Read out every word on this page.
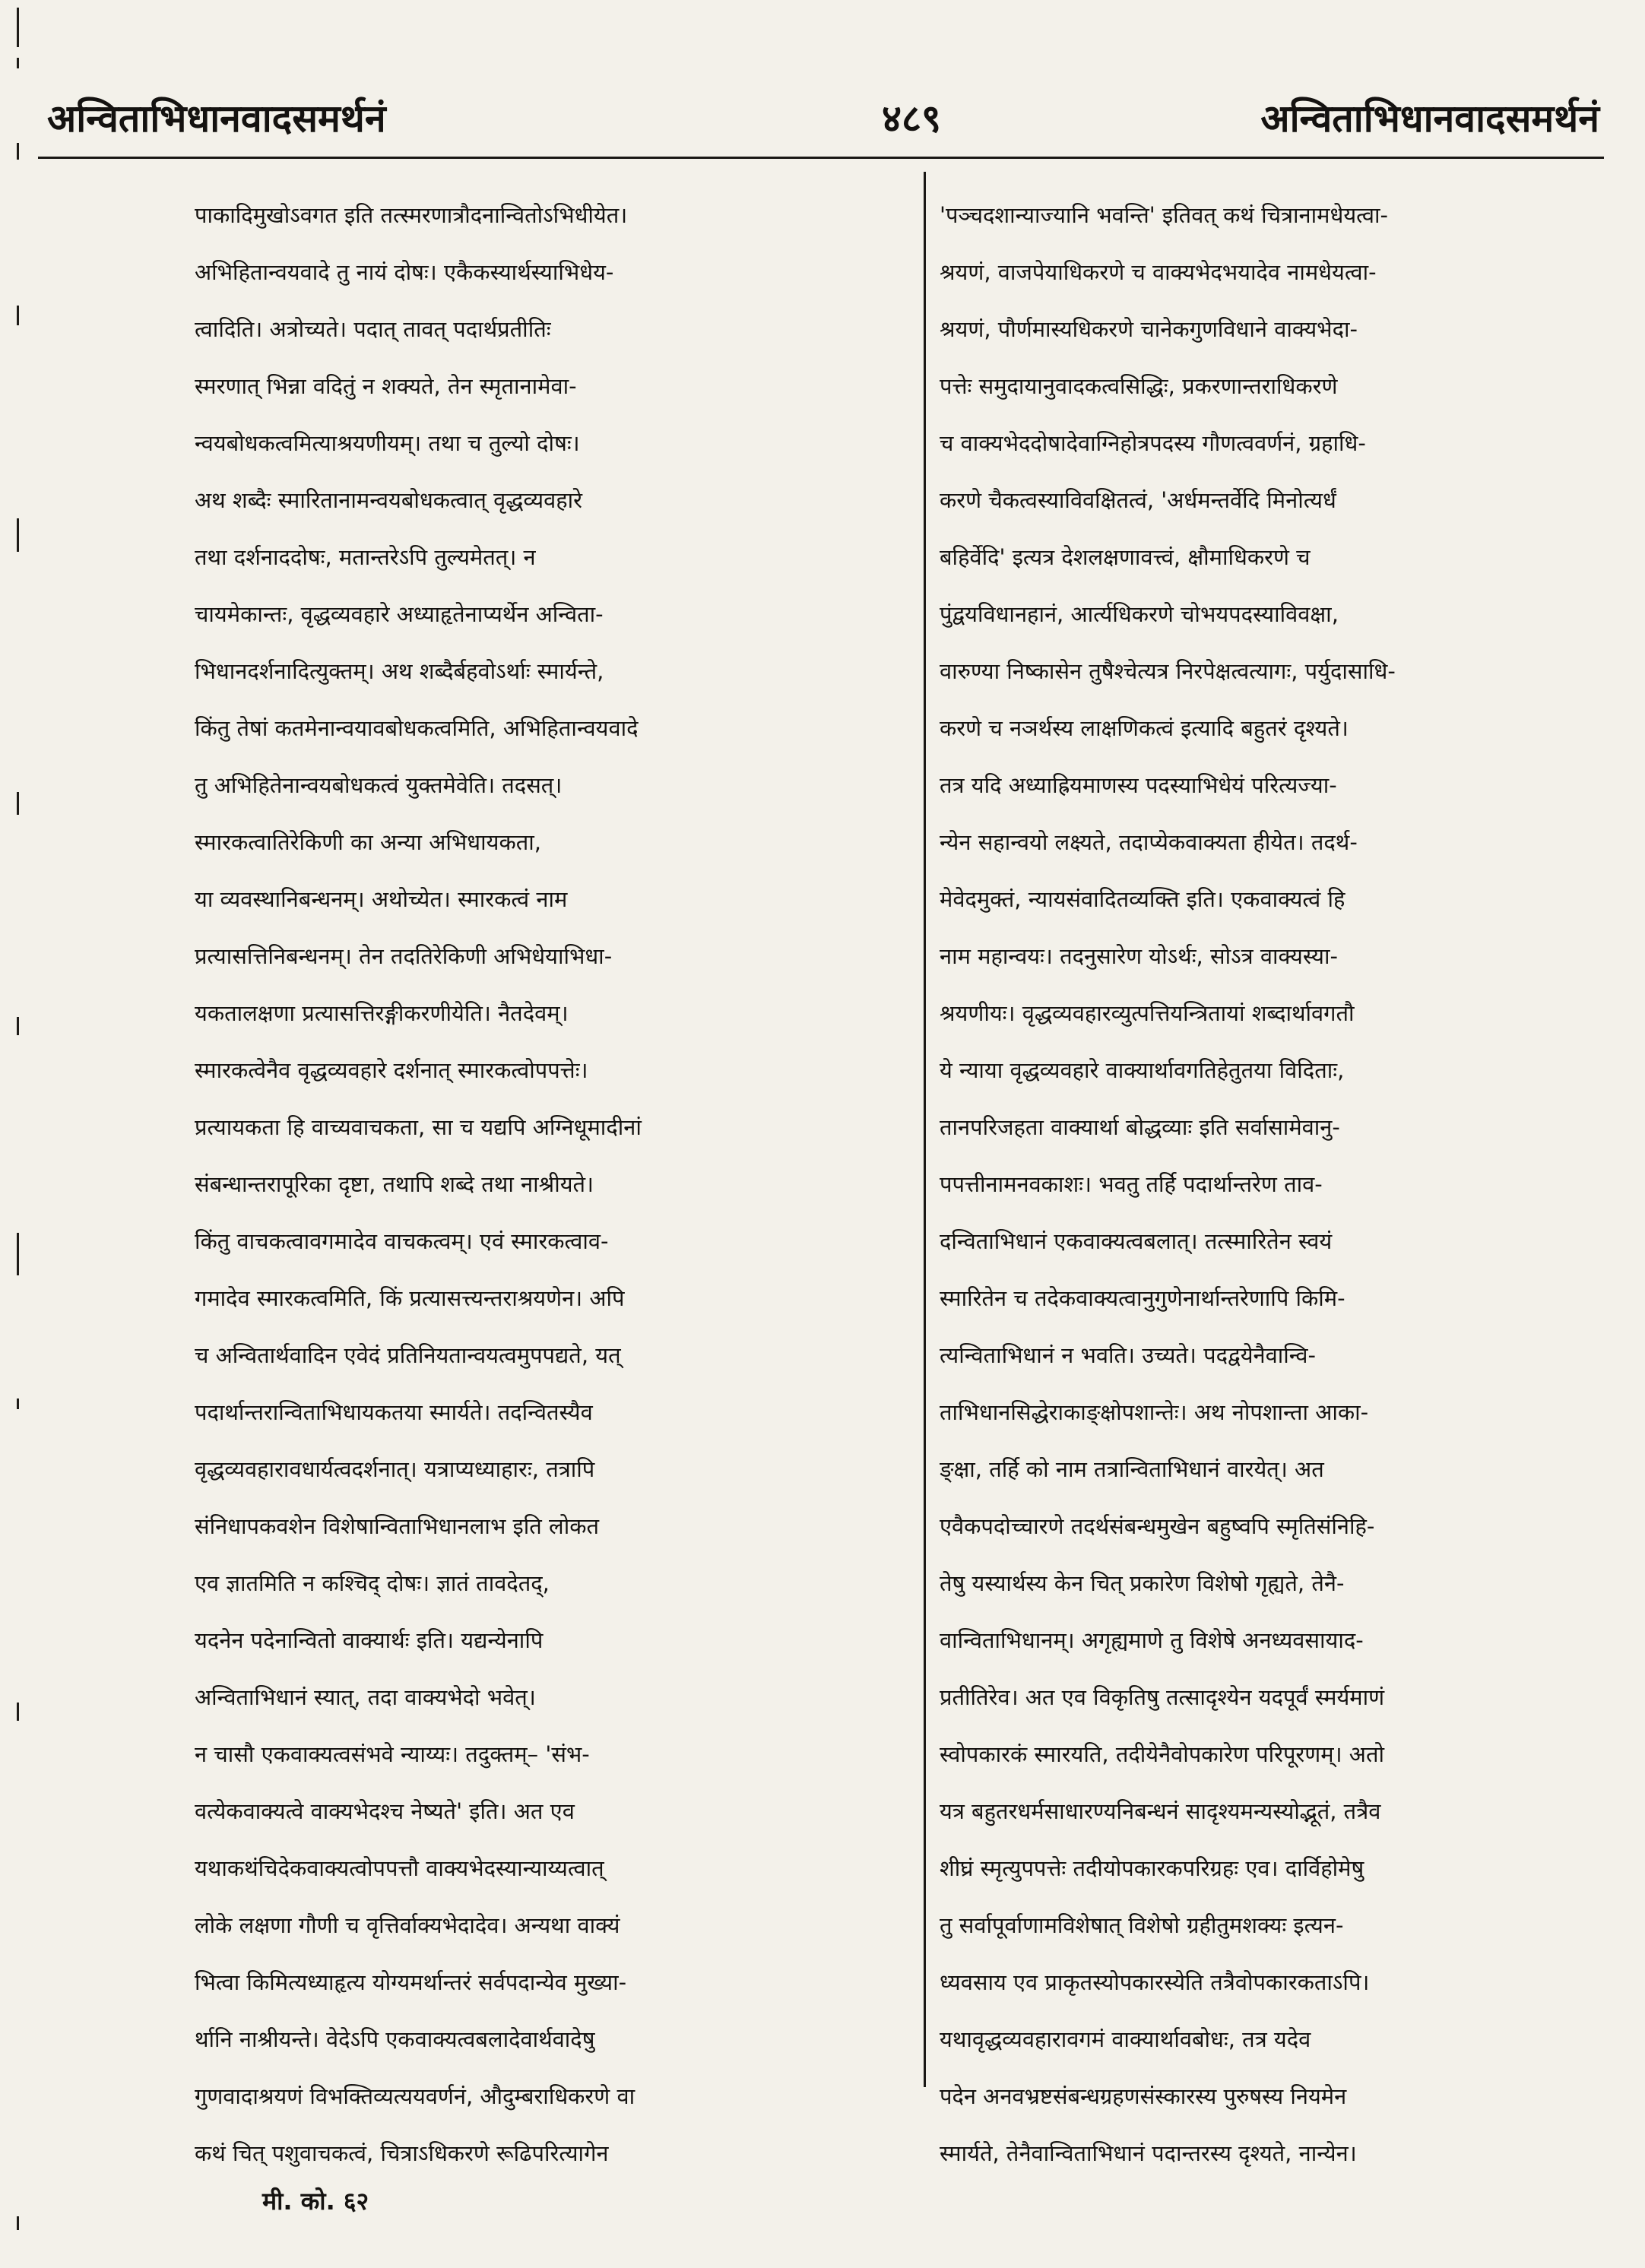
अन्विताभिधानवादसमर्थनं	४८९	अन्विताभिधानवादसमर्थनं
पाकादिमुखोऽवगत इति तत्स्मरणात्रौदनान्वितोऽभिधीयेत।
अभिहितान्वयवादे तु नायं दोषः। एकैकस्यार्थस्याभिधेय-
त्वादिति। अत्रोच्यते। पदात् तावत् पदार्थप्रतीतिः
स्मरणात् भिन्ना वदितुं न शक्यते, तेन स्मृतानामेवा-
न्वयबोधकत्वमित्याश्रयणीयम्। तथा च तुल्यो दोषः।
अथ शब्दैः स्मारितानामन्वयबोधकत्वात् वृद्धव्यवहारे
तथा दर्शनाददोषः, मतान्तरेऽपि तुल्यमेतत्। न
चायमेकान्तः, वृद्धव्यवहारे अध्याहृतेनाप्यर्थेन अन्विता-
भिधानदर्शनादित्युक्तम्। अथ शब्दैर्बहवोऽर्थाः स्मार्यन्ते,
किंतु तेषां कतमेनान्वयावबोधकत्वमिति, अभिहितान्वयवादे
तु अभिहितेनान्वयबोधकत्वं युक्तमेवेति। तदसत्।
स्मारकत्वातिरेकिणी का अन्या अभिधायकता,
या व्यवस्थानिबन्धनम्। अथोच्येत। स्मारकत्वं नाम
प्रत्यासत्तिनिबन्धनम्। तेन तदतिरेकिणी अभिधेयाभिधा-
यकतालक्षणा प्रत्यासत्तिरङ्गीकरणीयेति। नैतदेवम्।
स्मारकत्वेनैव वृद्धव्यवहारे दर्शनात् स्मारकत्वोपपत्तेः।
प्रत्यायकता हि वाच्यवाचकता, सा च यद्यपि अग्निधूमादीनां
संबन्धान्तरापूरिका दृष्टा, तथापि शब्दे तथा नाश्रीयते।
किंतु वाचकत्वावगमादेव वाचकत्वम्। एवं स्मारकत्वाव-
गमादेव स्मारकत्वमिति, किं प्रत्यासत्त्यन्तराश्रयणेन। अपि
च अन्वितार्थवादिन एवेदं प्रतिनियतान्वयत्वमुपपद्यते, यत्
पदार्थान्तरान्विताभिधायकतया स्मार्यते। तदन्वितस्यैव
वृद्धव्यवहारावधार्यत्वदर्शनात्। यत्राप्यध्याहारः, तत्रापि
संनिधापकवशेन विशेषान्विताभिधानलाभ इति लोकत
एव ज्ञातमिति न कश्चिद् दोषः। ज्ञातं तावदेतद्,
यदनेन पदेनान्वितो वाक्यार्थः इति। यद्यन्येनापि
अन्विताभिधानं स्यात्, तदा वाक्यभेदो भवेत्।
न चासौ एकवाक्यत्वसंभवे न्याय्यः। तदुक्तम्– 'संभ-
वत्येकवाक्यत्वे वाक्यभेदश्च नेष्यते' इति। अत एव
यथाकथंचिदेकवाक्यत्वोपपत्तौ वाक्यभेदस्यान्याय्यत्वात्
लोके लक्षणा गौणी च वृत्तिर्वाक्यभेदादेव। अन्यथा वाक्यं
भित्वा किमित्यध्याहृत्य योग्यमर्थान्तरं सर्वपदान्येव मुख्या-
र्थानि नाश्रीयन्ते। वेदेऽपि एकवाक्यत्वबलादेवार्थवादेषु
गुणवादाश्रयणं विभक्तिव्यत्ययवर्णनं, औदुम्बराधिकरणे वा
कथं चित् पशुवाचकत्वं, चित्राऽधिकरणे रूढिपरित्यागेन
'पञ्चदशान्याज्यानि भवन्ति' इतिवत् कथं चित्रानामधेयत्वा-
श्रयणं, वाजपेयाधिकरणे च वाक्यभेदभयादेव नामधेयत्वा-
श्रयणं, पौर्णमास्यधिकरणे चानेकगुणविधाने वाक्यभेदा-
पत्तेः समुदायानुवादकत्वसिद्धिः, प्रकरणान्तराधिकरणे
च वाक्यभेददोषादेवाग्निहोत्रपदस्य गौणत्ववर्णनं, ग्रहाधि-
करणे चैकत्वस्याविवक्षितत्वं, 'अर्धमन्तर्वेदि मिनोत्यर्धं
बहिर्वेदि' इत्यत्र देशलक्षणावत्त्वं, क्षौमाधिकरणे च
पुंद्वयविधानहानं, आर्त्यधिकरणे चोभयपदस्याविवक्षा,
वारुण्या निष्कासेन तुषैश्चेत्यत्र निरपेक्षत्वत्यागः, पर्युदासाधि-
करणे च नञर्थस्य लाक्षणिकत्वं इत्यादि बहुतरं दृश्यते।
तत्र यदि अध्याह्रियमाणस्य पदस्याभिधेयं परित्यज्या-
न्येन सहान्वयो लक्ष्यते, तदाप्येकवाक्यता हीयेत। तदर्थ-
मेवेदमुक्तं, न्यायसंवादितव्यक्ति इति। एकवाक्यत्वं हि
नाम महान्वयः। तदनुसारेण योऽर्थः, सोऽत्र वाक्यस्या-
श्रयणीयः। वृद्धव्यवहारव्युत्पत्तियन्त्रितायां शब्दार्थावगतौ
ये न्याया वृद्धव्यवहारे वाक्यार्थावगतिहेतुतया विदिताः,
तानपरिजहता वाक्यार्था बोद्धव्याः इति सर्वासामेवानु-
पपत्तीनामनवकाशः। भवतु तर्हि पदार्थान्तरेण ताव-
दन्विताभिधानं एकवाक्यत्वबलात्। तत्स्मारितेन स्वयं
स्मारितेन च तदेकवाक्यत्वानुगुणेनार्थान्तरेणापि किमि-
त्यन्विताभिधानं न भवति। उच्यते। पदद्वयेनैवान्वि-
ताभिधानसिद्धेराकाङ्क्षोपशान्तेः। अथ नोपशान्ता आका-
ङ्क्षा, तर्हि को नाम तत्रान्विताभिधानं वारयेत्। अत
एवैकपदोच्चारणे तदर्थसंबन्धमुखेन बहुष्वपि स्मृतिसंनिहि-
तेषु यस्यार्थस्य केन चित् प्रकारेण विशेषो गृह्यते, तेनै-
वान्विताभिधानम्। अगृह्यमाणे तु विशेषे अनध्यवसायाद-
प्रतीतिरेव। अत एव विकृतिषु तत्सादृश्येन यदपूर्वं स्मर्यमाणं
स्वोपकारकं स्मारयति, तदीयेनैवोपकारेण परिपूरणम्। अतो
यत्र बहुतरधर्मसाधारण्यनिबन्धनं सादृश्यमन्यस्योद्भूतं, तत्रैव
शीघ्रं स्मृत्युपपत्तेः तदीयोपकारकपरिग्रहः एव। दार्विहोमेषु
तु सर्वापूर्वाणामविशेषात् विशेषो ग्रहीतुमशक्यः इत्यन-
ध्यवसाय एव प्राकृतस्योपकारस्येति तत्रैवोपकारकताऽपि।
यथावृद्धव्यवहारावगमं वाक्यार्थावबोधः, तत्र यदेव
पदेन अनवभ्रष्टसंबन्धग्रहणसंस्कारस्य पुरुषस्य नियमेन
स्मार्यते, तेनैवान्विताभिधानं पदान्तरस्य दृश्यते, नान्येन।
मी. को. ६२
